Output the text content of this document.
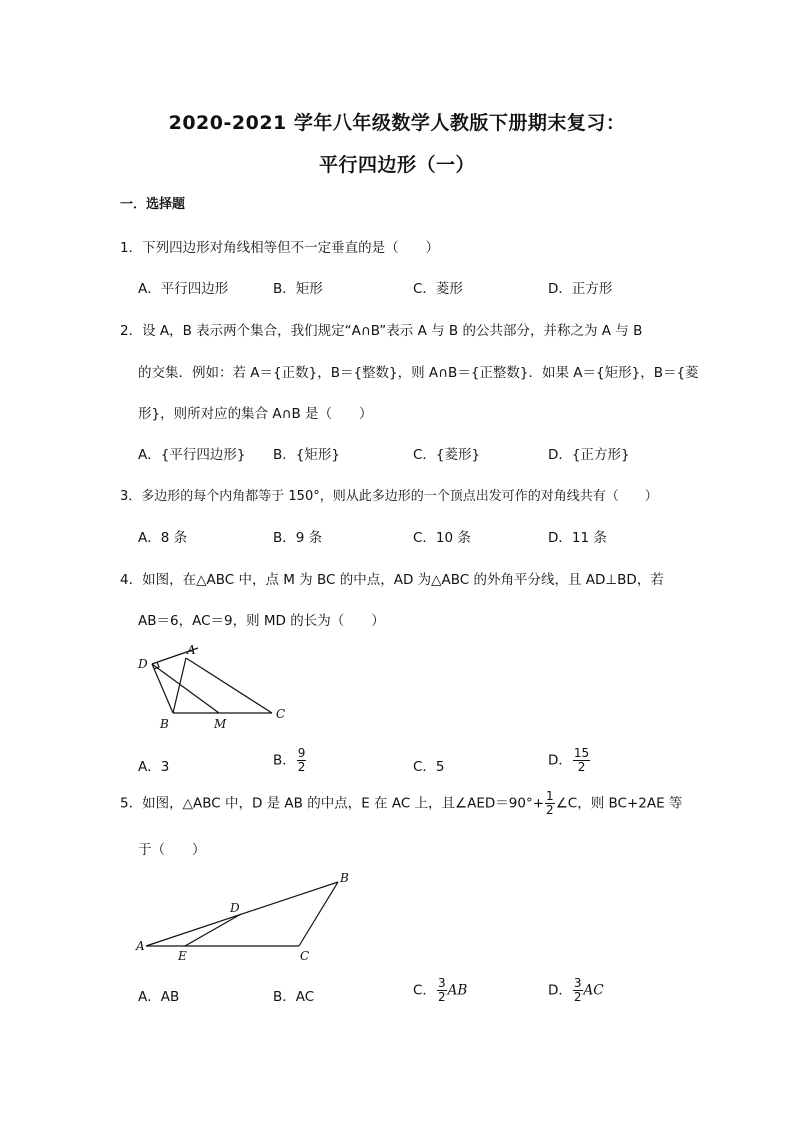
2020-2021 学年八年级数学人教版下册期末复习：
平行四边形（一）
一．选择题
1．下列四边形对角线相等但不一定垂直的是（　　）
A．平行四边形	B．矩形	C．菱形	D．正方形
2．设 A，B 表示两个集合，我们规定“A∩B”表示 A 与 B 的公共部分，并称之为 A 与 B
的交集．例如：若 A＝{正数}，B＝{整数}，则 A∩B＝{正整数}．如果 A＝{矩形}，B＝{菱
形}，则所对应的集合 A∩B 是（　　）
A．{平行四边形} B．{矩形}	C．{菱形}	D．{正方形}
3．多边形的每个内角都等于 150°，则从此多边形的一个顶点出发可作的对角线共有（　　）
A．8 条	B．9 条	C．10 条	D．11 条
4．如图，在△ABC 中，点 M 为 BC 的中点，AD 为△ABC 的外角平分线，且 AD⊥BD，若
AB＝6，AC＝9，则 MD 的长为（　　）
D
A
B	M
C
A．3	B． $\frac{9}{2}$	C．5	D． $\frac{15}{2}$
5．如图，△ABC 中，D 是 AB 的中点，E 在 AC 上，且∠AED＝90°+ $\frac{1}{2}$ ∠C，则 BC+2AE 等
于（　　）
A
B
C
D
E
A．AB	B．AC	C． $\frac{3}{2}$ AB	D． $\frac{3}{2}$ AC
